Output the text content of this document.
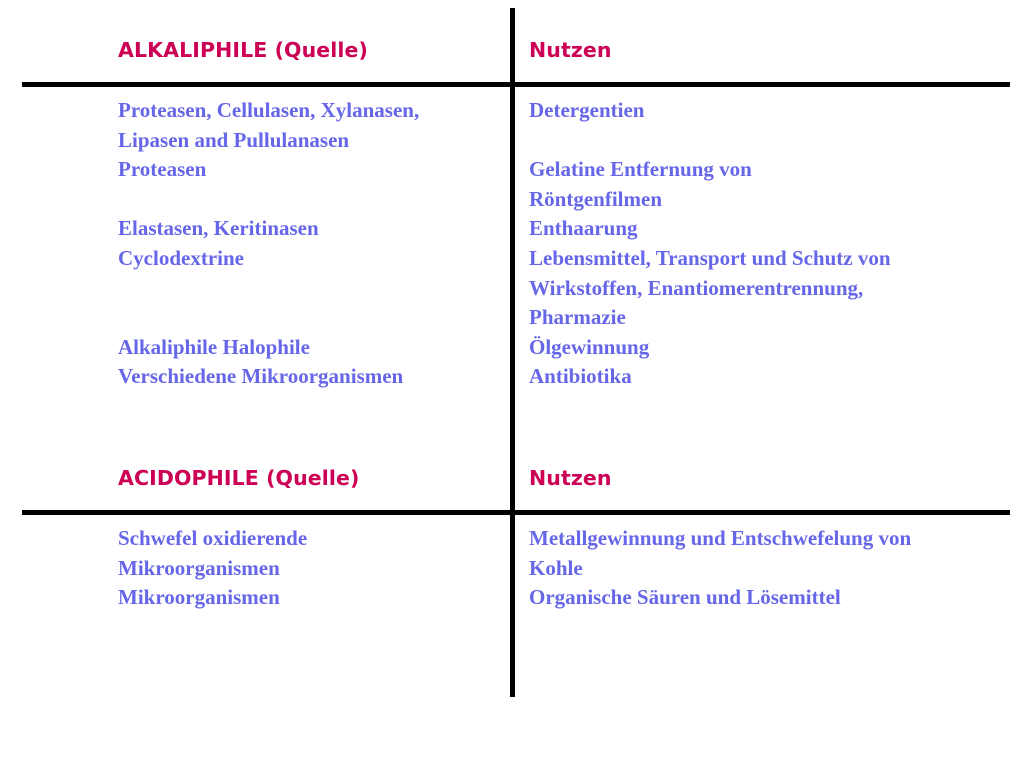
ALKALIPHILE (Quelle)	Nutzen
Proteasen, Cellulasen, Xylanasen,
Lipasen and Pullulanasen
Proteasen
Elastasen, Keritinasen
Cyclodextrine
Alkaliphile Halophile
Verschiedene Mikroorganismen
Detergentien
Gelatine Entfernung von
Röntgenfilmen
Enthaarung
Lebensmittel, Transport und Schutz von
Wirkstoffen, Enantiomerentrennung,
Pharmazie
Ölgewinnung
Antibiotika
ACIDOPHILE (Quelle)	Nutzen
Schwefel oxidierende
Mikroorganismen
Mikroorganismen
Metallgewinnung und Entschwefelung von
Kohle
Organische Säuren und Lösemittel
